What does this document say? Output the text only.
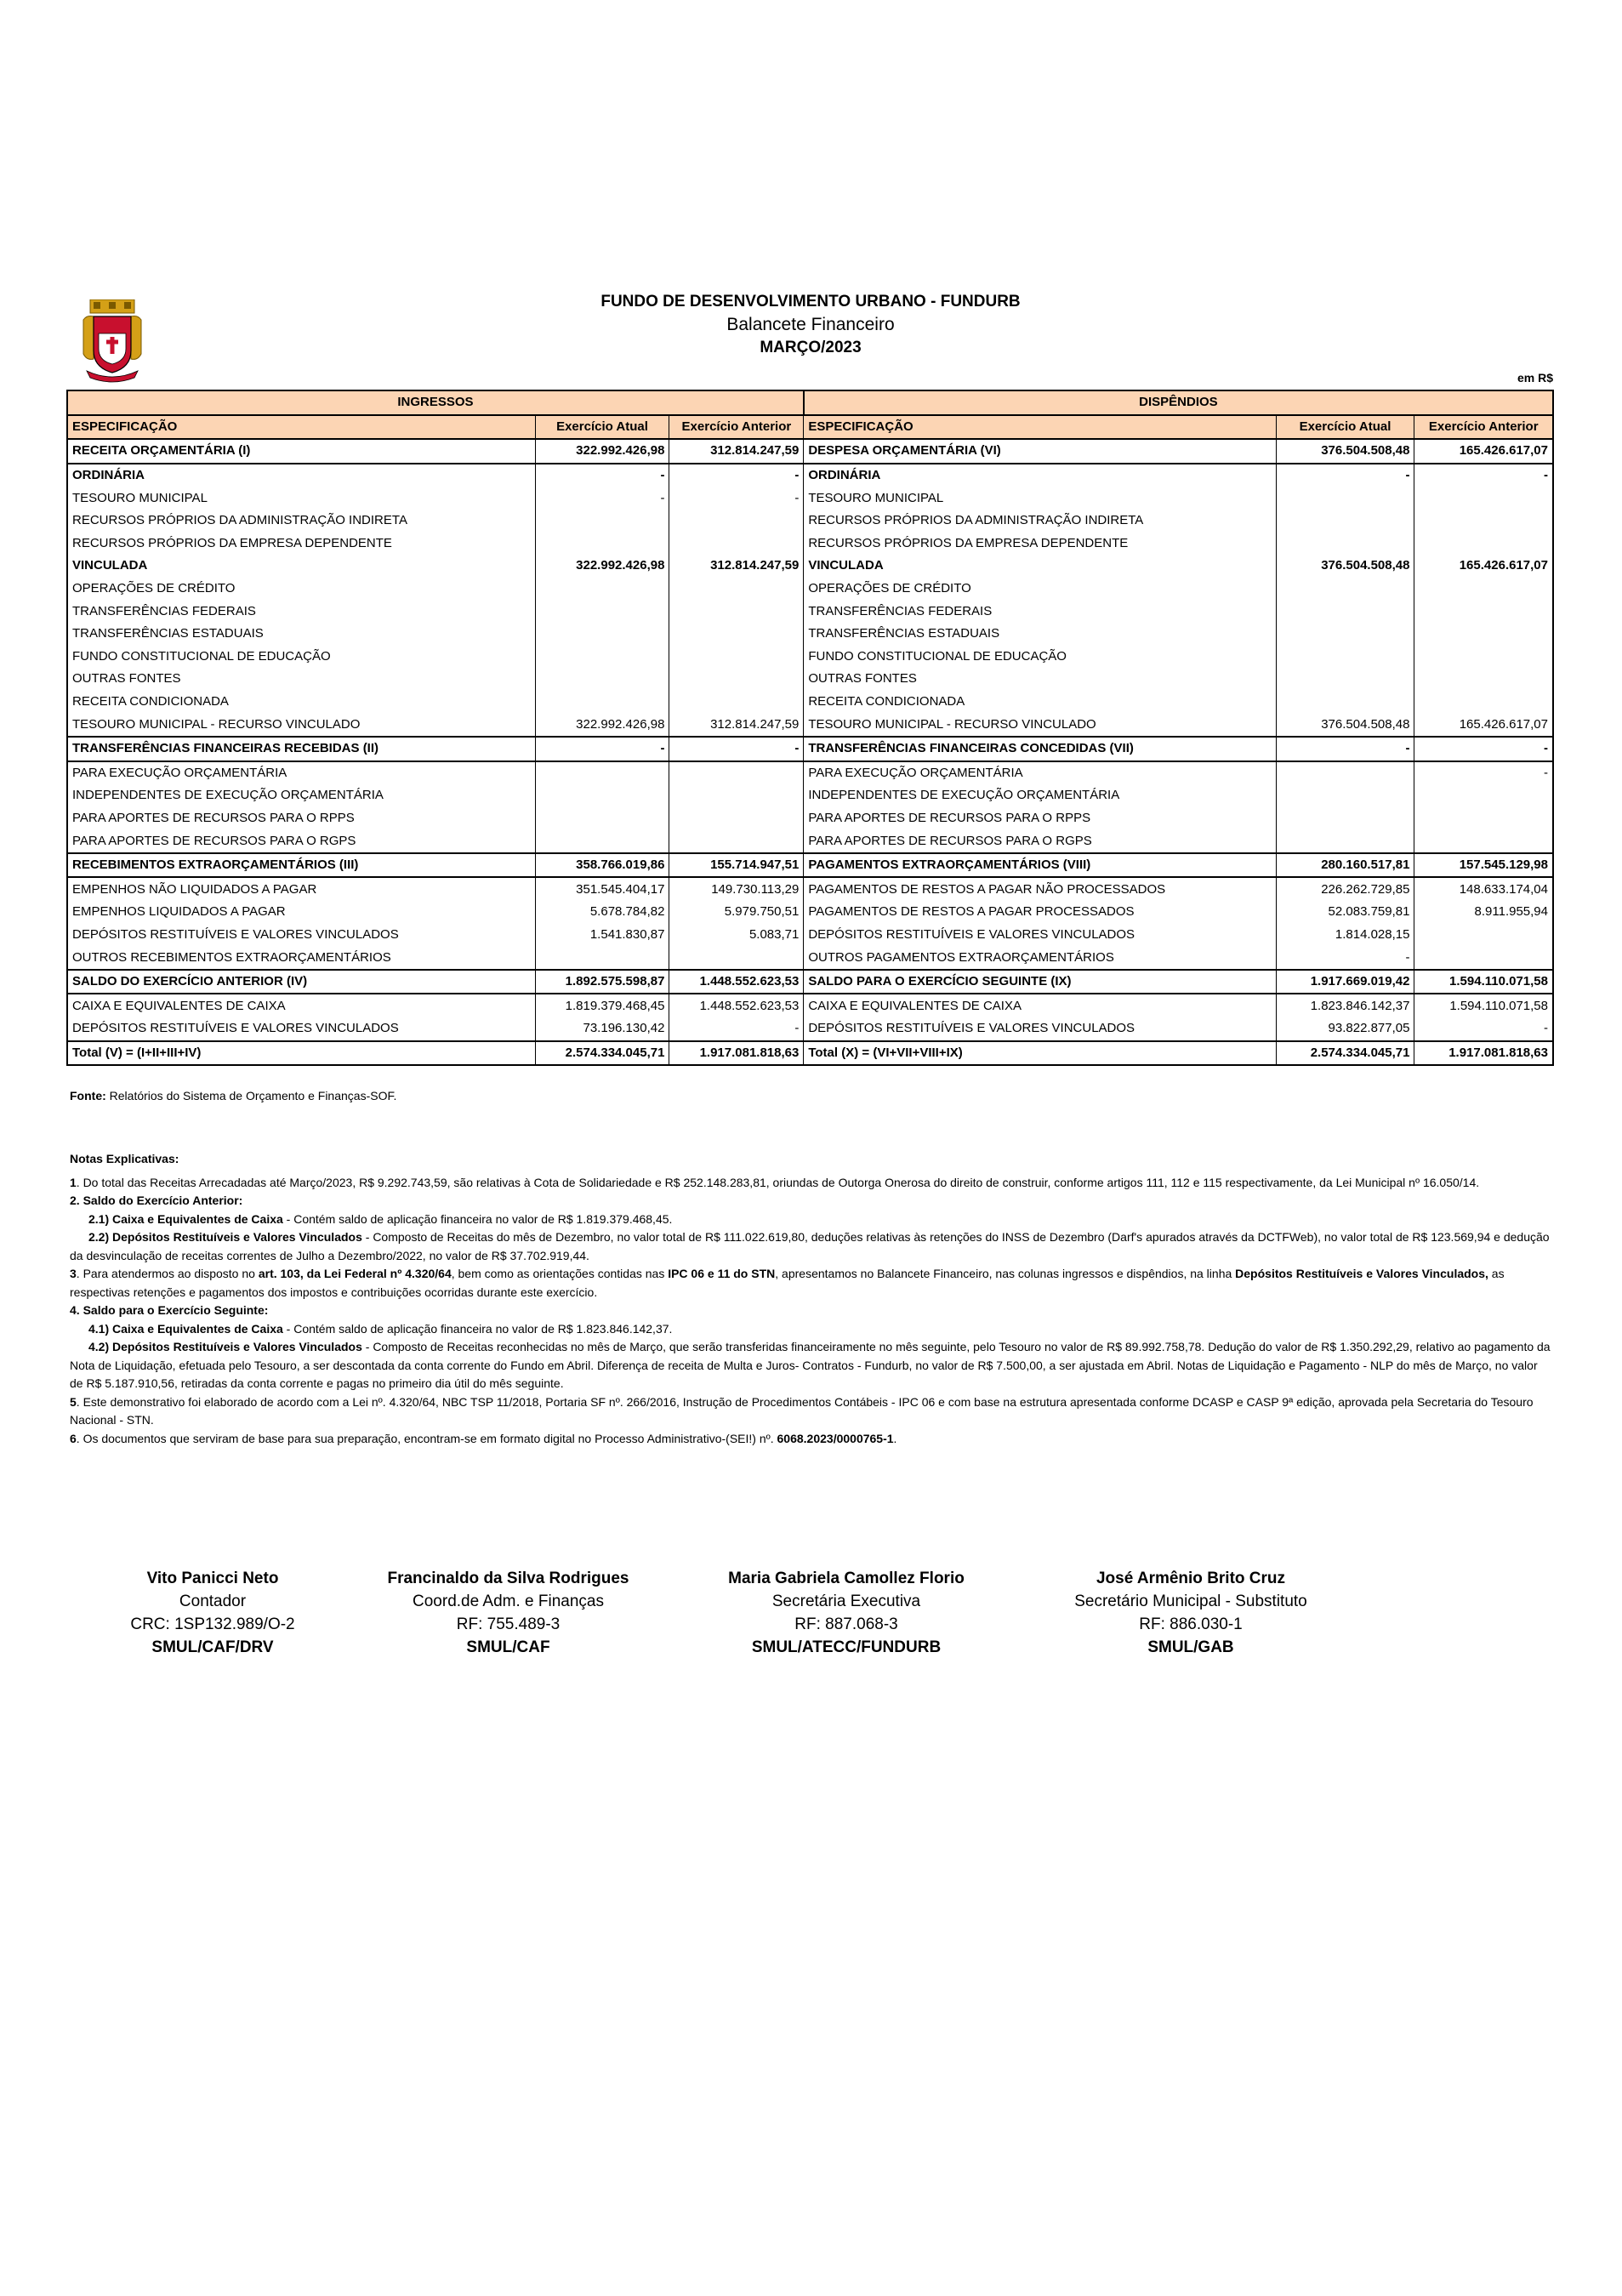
FUNDO DE DESENVOLVIMENTO URBANO - FUNDURB
Balancete Financeiro
MARÇO/2023
em R$
INGRESSOS			DISPÊNDIOS		
ESPECIFICAÇÃO	Exercício Atual	Exercício Anterior	ESPECIFICAÇÃO	Exercício Atual	Exercício Anterior
RECEITA ORÇAMENTÁRIA (I)	322.992.426,98	312.814.247,59	DESPESA ORÇAMENTÁRIA (VI)	376.504.508,48	165.426.617,07
ORDINÁRIA	-	-	ORDINÁRIA	-	-
TESOURO MUNICIPAL	-	-	TESOURO MUNICIPAL		
RECURSOS PRÓPRIOS DA ADMINISTRAÇÃO INDIRETA			RECURSOS PRÓPRIOS DA ADMINISTRAÇÃO INDIRETA		
RECURSOS PRÓPRIOS DA EMPRESA DEPENDENTE			RECURSOS PRÓPRIOS DA EMPRESA DEPENDENTE		
VINCULADA	322.992.426,98	312.814.247,59	VINCULADA	376.504.508,48	165.426.617,07
OPERAÇÕES DE CRÉDITO			OPERAÇÕES DE CRÉDITO		
TRANSFERÊNCIAS FEDERAIS			TRANSFERÊNCIAS FEDERAIS		
TRANSFERÊNCIAS ESTADUAIS			TRANSFERÊNCIAS ESTADUAIS		
FUNDO CONSTITUCIONAL DE EDUCAÇÃO			FUNDO CONSTITUCIONAL DE EDUCAÇÃO		
OUTRAS FONTES			OUTRAS FONTES		
RECEITA CONDICIONADA			RECEITA CONDICIONADA		
TESOURO MUNICIPAL - RECURSO VINCULADO	322.992.426,98	312.814.247,59	TESOURO MUNICIPAL - RECURSO VINCULADO	376.504.508,48	165.426.617,07
TRANSFERÊNCIAS FINANCEIRAS RECEBIDAS (II)	-	-	TRANSFERÊNCIAS FINANCEIRAS CONCEDIDAS (VII)	-	-
PARA EXECUÇÃO ORÇAMENTÁRIA			PARA EXECUÇÃO ORÇAMENTÁRIA		-
INDEPENDENTES DE EXECUÇÃO ORÇAMENTÁRIA			INDEPENDENTES DE EXECUÇÃO ORÇAMENTÁRIA		
PARA APORTES DE RECURSOS PARA O RPPS			PARA APORTES DE RECURSOS PARA O RPPS		
PARA APORTES DE RECURSOS PARA O RGPS			PARA APORTES DE RECURSOS PARA O RGPS		
RECEBIMENTOS EXTRAORÇAMENTÁRIOS (III)	358.766.019,86	155.714.947,51	PAGAMENTOS EXTRAORÇAMENTÁRIOS (VIII)	280.160.517,81	157.545.129,98
EMPENHOS NÃO LIQUIDADOS A PAGAR	351.545.404,17	149.730.113,29	PAGAMENTOS DE RESTOS A PAGAR NÃO PROCESSADOS	226.262.729,85	148.633.174,04
EMPENHOS LIQUIDADOS A PAGAR	5.678.784,82	5.979.750,51	PAGAMENTOS DE RESTOS A PAGAR PROCESSADOS	52.083.759,81	8.911.955,94
DEPÓSITOS RESTITUÍVEIS E VALORES VINCULADOS	1.541.830,87	5.083,71	DEPÓSITOS RESTITUÍVEIS E VALORES VINCULADOS	1.814.028,15	
OUTROS RECEBIMENTOS EXTRAORÇAMENTÁRIOS			OUTROS PAGAMENTOS EXTRAORÇAMENTÁRIOS	-	
SALDO DO EXERCÍCIO ANTERIOR (IV)	1.892.575.598,87	1.448.552.623,53	SALDO PARA O EXERCÍCIO SEGUINTE (IX)	1.917.669.019,42	1.594.110.071,58
CAIXA E EQUIVALENTES DE CAIXA	1.819.379.468,45	1.448.552.623,53	CAIXA E EQUIVALENTES DE CAIXA	1.823.846.142,37	1.594.110.071,58
DEPÓSITOS RESTITUÍVEIS E VALORES VINCULADOS	73.196.130,42	-	DEPÓSITOS RESTITUÍVEIS E VALORES VINCULADOS	93.822.877,05	-
Total (V) = (I+II+III+IV)	2.574.334.045,71	1.917.081.818,63	Total (X) = (VI+VII+VIII+IX)	2.574.334.045,71	1.917.081.818,63
Fonte: Relatórios do Sistema de Orçamento e Finanças-SOF.

Notas Explicativas:

1. Do total das Receitas Arrecadadas até Março/2023, R$ 9.292.743,59, são relativas à Cota de Solidariedade e R$ 252.148.283,81, oriundas de Outorga Onerosa do direito de construir, conforme artigos 111, 112 e 115 respectivamente, da Lei Municipal nº 16.050/14.

2. Saldo do Exercício Anterior:

2.1) Caixa e Equivalentes de Caixa - Contém saldo de aplicação financeira no valor de R$ 1.819.379.468,45.

2.2) Depósitos Restituíveis e Valores Vinculados - Composto de Receitas do mês de Dezembro, no valor total de R$ 111.022.619,80, deduções relativas às retenções do INSS de Dezembro (Darf's apurados através da DCTFWeb), no valor total de R$ 123.569,94 e dedução da desvinculação de receitas correntes de Julho a Dezembro/2022, no valor de R$ 37.702.919,44.

3. Para atendermos ao disposto no art. 103, da Lei Federal nº 4.320/64, bem como as orientações contidas nas IPC 06 e 11 do STN, apresentamos no Balancete Financeiro, nas colunas ingressos e dispêndios, na linha Depósitos Restituíveis e Valores Vinculados, as respectivas retenções e pagamentos dos impostos e contribuições ocorridas durante este exercício.

4. Saldo para o Exercício Seguinte:

4.1) Caixa e Equivalentes de Caixa - Contém saldo de aplicação financeira no valor de R$ 1.823.846.142,37.

4.2) Depósitos Restituíveis e Valores Vinculados - Composto de Receitas reconhecidas no mês de Março, que serão transferidas financeiramente no mês seguinte, pelo Tesouro no valor de R$ 89.992.758,78. Dedução do valor de R$ 1.350.292,29, relativo ao pagamento da Nota de Liquidação, efetuada pelo Tesouro, a ser descontada da conta corrente do Fundo em Abril. Diferença de receita de Multa e Juros- Contratos - Fundurb, no valor de R$ 7.500,00, a ser ajustada em Abril. Notas de Liquidação e Pagamento - NLP do mês de Março, no valor de R$ 5.187.910,56, retiradas da conta corrente e pagas no primeiro dia útil do mês seguinte.

5. Este demonstrativo foi elaborado de acordo com a Lei nº. 4.320/64, NBC TSP 11/2018, Portaria SF nº. 266/2016, Instrução de Procedimentos Contábeis - IPC 06 e com base na estrutura apresentada conforme DCASP e CASP 9ª edição, aprovada pela Secretaria do Tesouro Nacional - STN.

6. Os documentos que serviram de base para sua preparação, encontram-se em formato digital no Processo Administrativo-(SEI!) nº. 6068.2023/0000765-1.

Vito Panicci Neto
Contador
CRC: 1SP132.989/O-2
SMUL/CAF/DRV
Francinaldo da Silva Rodrigues
Coord.de Adm. e Finanças
RF: 755.489-3
SMUL/CAF
Maria Gabriela Camollez Florio
Secretária Executiva
RF: 887.068-3
SMUL/ATECC/FUNDURB
José Armênio Brito Cruz
Secretário Municipal - Substituto
RF: 886.030-1
SMUL/GAB
